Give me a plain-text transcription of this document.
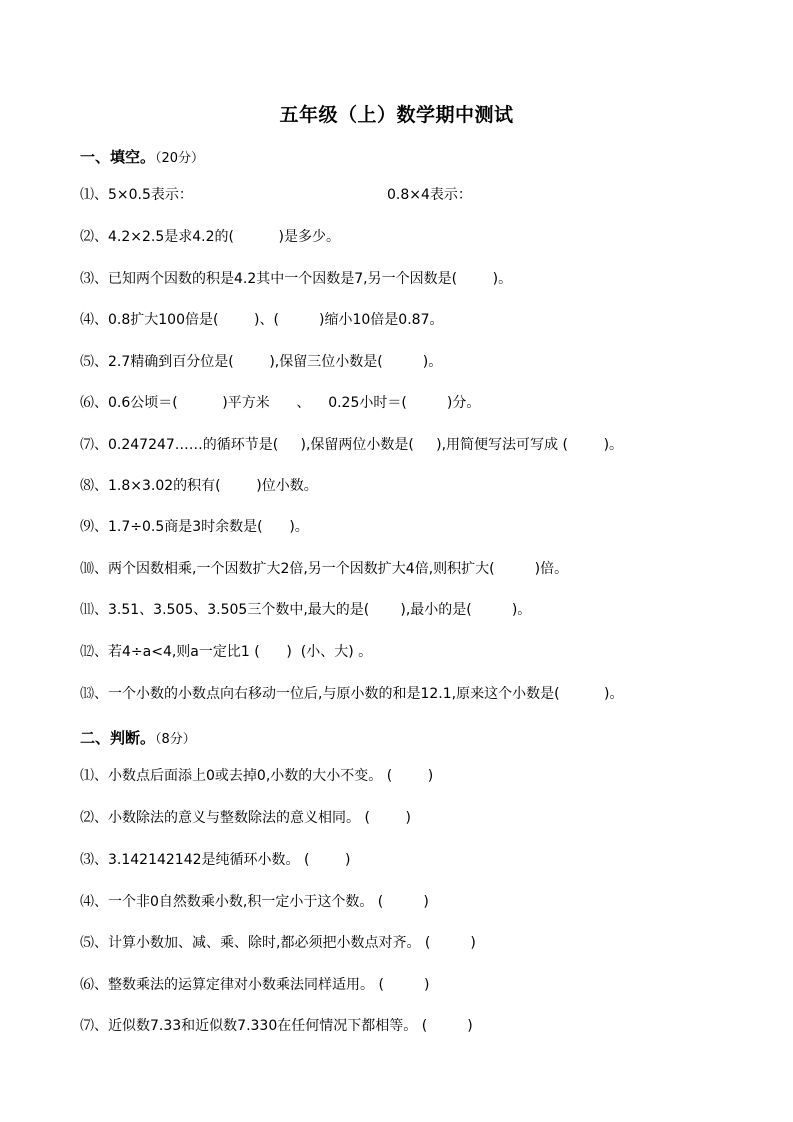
五年级（上）数学期中测试
一、填空。（20分）
⑴、5×0.5表示：	0.8×4表示：
⑵、4.2×2.5是求4.2的(          )是多少。
⑶、已知两个因数的积是4.2其中一个因数是7,另一个因数是(        )。
⑷、0.8扩大100倍是(        )、(         )缩小10倍是0.87。
⑸、2.7精确到百分位是(        ),保留三位小数是(         )。
⑹、0.6公顷＝(          )平方米      、    0.25小时＝(         )分。
⑺、0.247247……的循环节是(     ),保留两位小数是(     ),用简便写法可写成 (        )。
⑻、1.8×3.02的积有(        )位小数。
⑼、1.7÷0.5商是3时余数是(      )。
⑽、两个因数相乘,一个因数扩大2倍,另一个因数扩大4倍,则积扩大(         )倍。
⑾、3.51、3.505、3.505三个数中,最大的是(       ),最小的是(         )。
⑿、若4÷a<4,则a一定比1 (      )  (小、大) 。
⒀、一个小数的小数点向右移动一位后,与原小数的和是12.1,原来这个小数是(          )。
二、判断。（8分）
⑴、小数点后面添上0或去掉0,小数的大小不变。 (        )
⑵、小数除法的意义与整数除法的意义相同。 (        )
⑶、3.142142142是纯循环小数。 (        )
⑷、一个非0自然数乘小数,积一定小于这个数。 (         )
⑸、计算小数加、减、乘、除时,都必须把小数点对齐。 (         )
⑹、整数乘法的运算定律对小数乘法同样适用。 (         )
⑺、近似数7.33和近似数7.330在任何情况下都相等。 (         )
